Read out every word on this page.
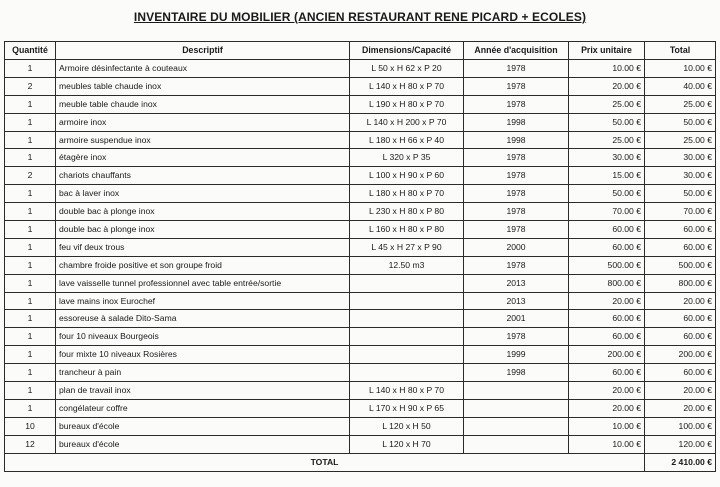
INVENTAIRE DU MOBILIER (ANCIEN RESTAURANT RENE PICARD + ECOLES)
Quantité	Descriptif	Dimensions/Capacité	Année d'acquisition	Prix unitaire	Total
1	Armoire désinfectante à couteaux	L 50 x H 62 x P 20	1978	10.00 €	10.00 €
2	meubles table chaude inox	L 140 x H 80 x P 70	1978	20.00 €	40.00 €
1	meuble table chaude inox	L 190 x H 80 x P 70	1978	25.00 €	25.00 €
1	armoire inox	L 140 x H 200 x P 70	1998	50.00 €	50.00 €
1	armoire suspendue inox	L 180 x H 66 x P 40	1998	25.00 €	25.00 €
1	étagère inox	L 320 x P 35	1978	30.00 €	30.00 €
2	chariots chauffants	L 100 x H 90 x P 60	1978	15.00 €	30.00 €
1	bac à laver inox	L 180 x H 80 x P 70	1978	50.00 €	50.00 €
1	double bac à plonge inox	L 230 x H 80 x P 80	1978	70.00 €	70.00 €
1	double bac à plonge inox	L 160 x H 80 x P 80	1978	60.00 €	60.00 €
1	feu vif deux trous	L 45 x H 27 x P 90	2000	60.00 €	60.00 €
1	chambre froide positive et son groupe froid	12.50 m3	1978	500.00 €	500.00 €
1	lave vaisselle tunnel professionnel avec table entrée/sortie		2013	800.00 €	800.00 €
1	lave mains inox Eurochef		2013	20.00 €	20.00 €
1	essoreuse à salade Dito-Sama		2001	60.00 €	60.00 €
1	four 10 niveaux Bourgeois		1978	60.00 €	60.00 €
1	four mixte 10 niveaux Rosières		1999	200.00 €	200.00 €
1	trancheur à pain		1998	60.00 €	60.00 €
1	plan de travail inox	L 140 x H 80 x P 70		20.00 €	20.00 €
1	congélateur coffre	L 170 x H 90 x P 65		20.00 €	20.00 €
10	bureaux d'école	L 120 x H 50		10.00 €	100.00 €
12	bureaux d'école	L 120 x H 70		10.00 €	120.00 €
TOTAL					2 410.00 €
